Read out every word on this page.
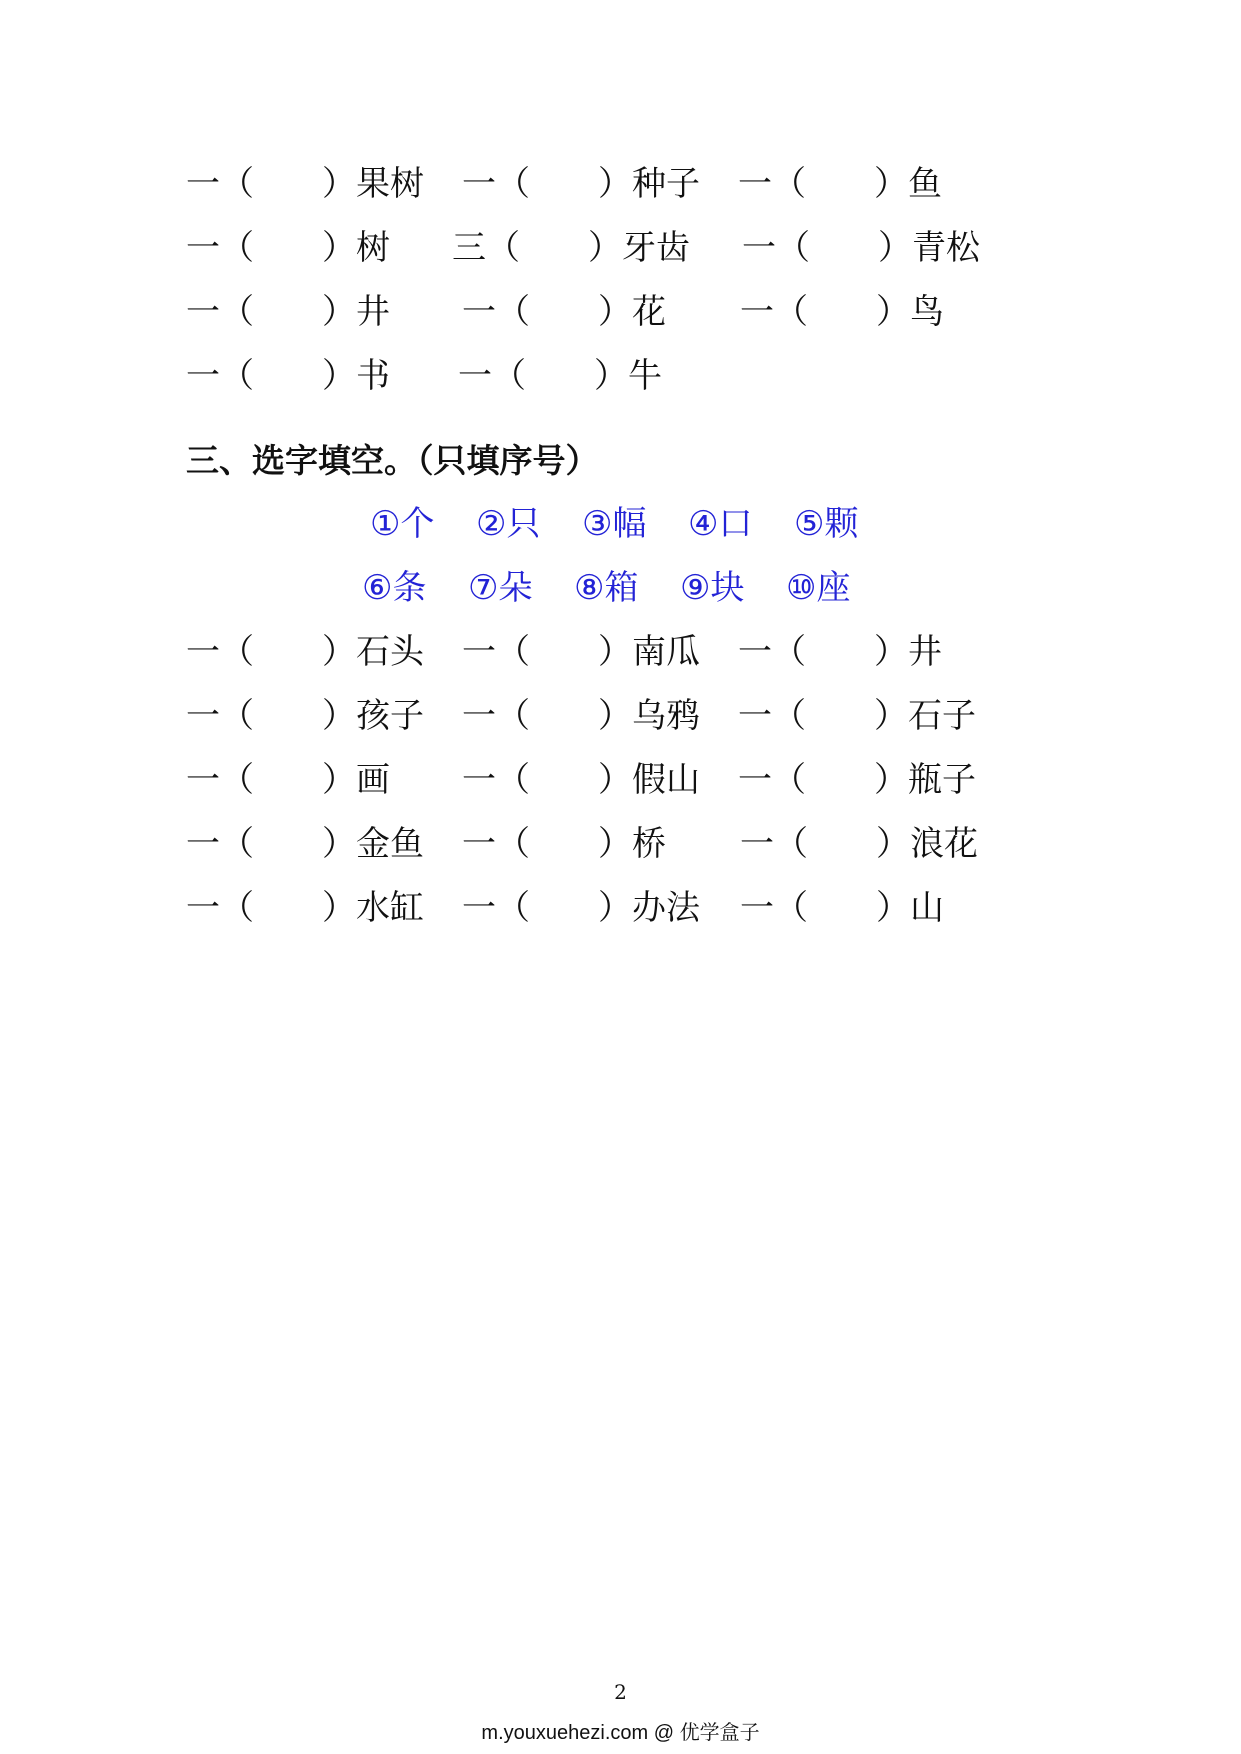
一（　　）果树 一（　　）种子 一（　　）鱼
一（　　）树 三（　　）牙齿 一（　　）青松
一（　　）井 一（　　）花 一（　　）鸟
一（　　）书 一（　　）牛
三、选字填空。（只填序号）
①个 ②只 ③幅 ④口 ⑤颗
⑥条 ⑦朵 ⑧箱 ⑨块 ⑩座
一（　　）石头 一（　　）南瓜 一（　　）井
一（　　）孩子 一（　　）乌鸦 一（　　）石子
一（　　）画 一（　　）假山 一（　　）瓶子
一（　　）金鱼 一（　　）桥 一（　　）浪花
一（　　）水缸 一（　　）办法 一（　　）山
2
m.youxuehezi.com @ 优学盒子
